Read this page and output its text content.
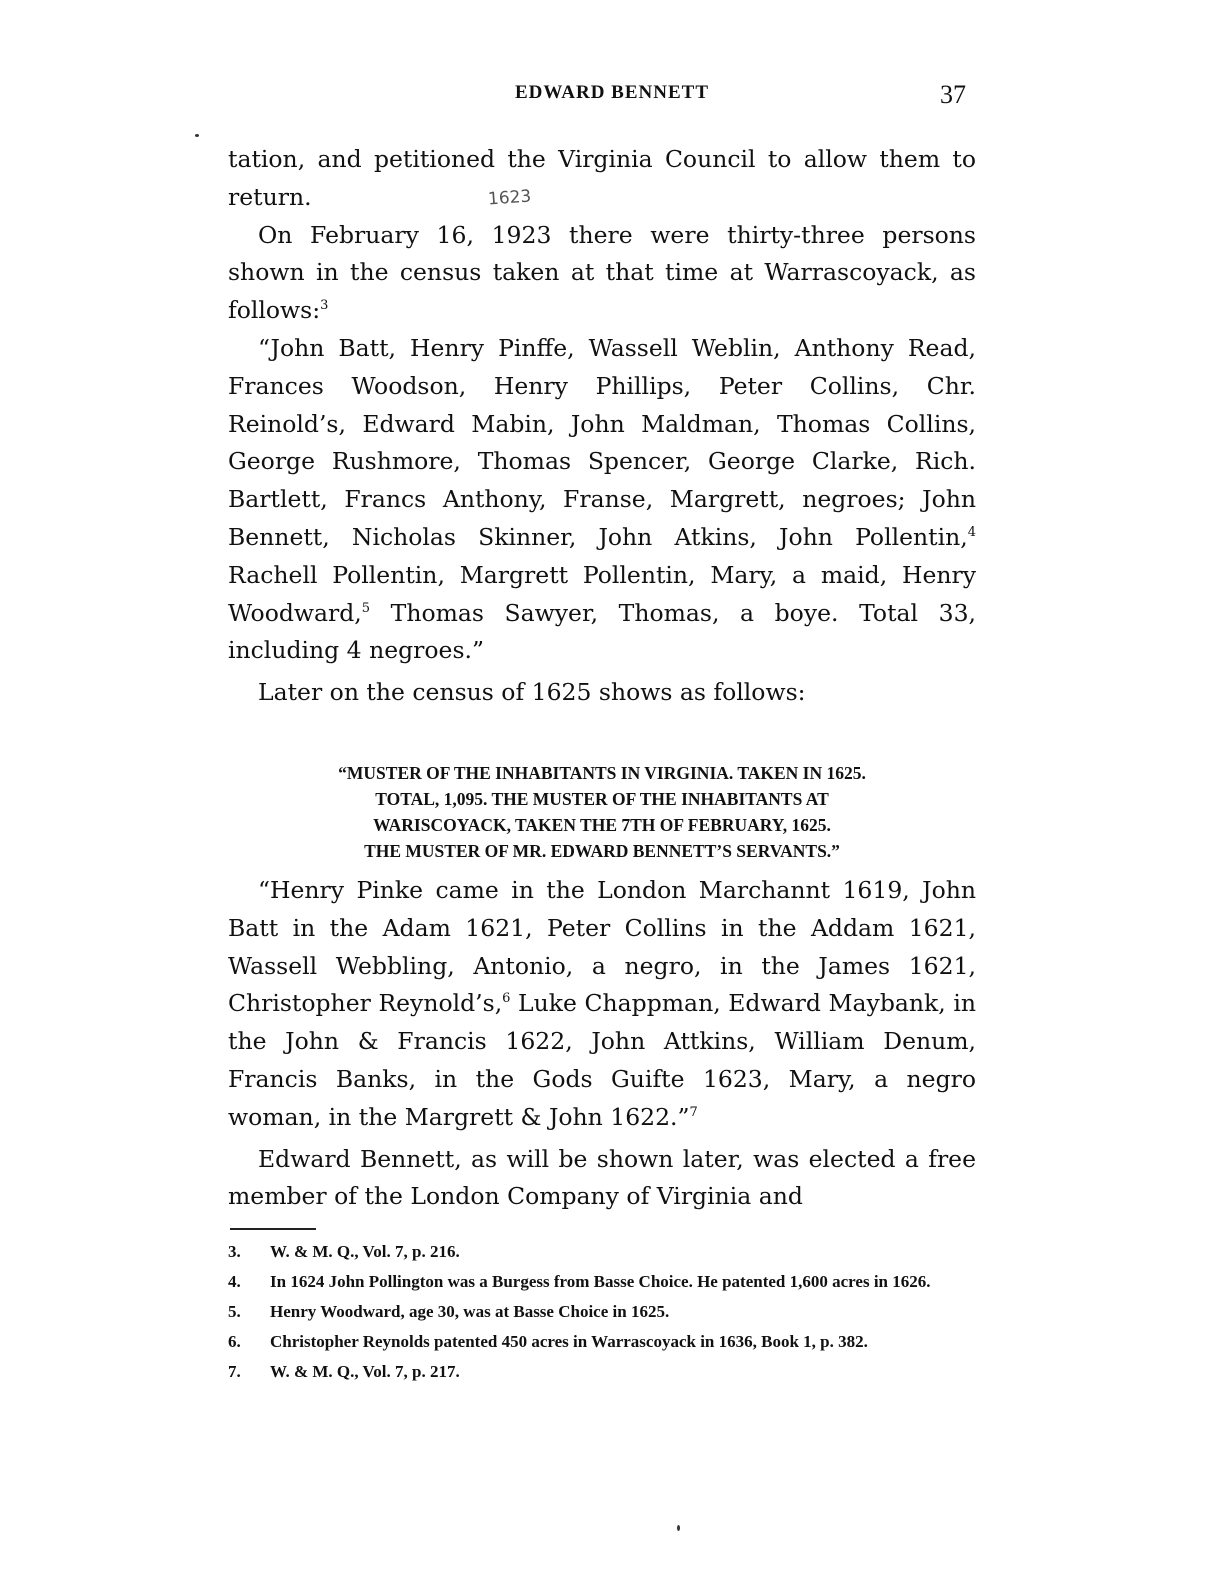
EDWARD BENNETT	37

tation, and petitioned the Virginia Council to allow them to return.

On February 16, 1923 there were thirty-three persons shown in the census taken at that time at Warrascoyack, as follows:$^3$

“John Batt, Henry Pinffe, Wassell Weblin, Anthony Read, Frances Woodson, Henry Phillips, Peter Collins, Chr. Reinold’s, Edward Mabin, John Maldman, Thomas Collins, George Rushmore, Thomas Spencer, George Clarke, Rich. Bartlett, Francs Anthony, Franse, Margrett, negroes; John Bennett, Nicholas Skinner, John Atkins, John Pollentin,$^4$ Rachell Pollentin, Margrett Pollentin, Mary, a maid, Henry Woodward,$^5$ Thomas Sawyer, Thomas, a boye. Total 33, including 4 negroes.”

Later on the census of 1625 shows as follows:

1623

“MUSTER OF THE INHABITANTS IN VIRGINIA. TAKEN IN 1625.

TOTAL, 1,095. THE MUSTER OF THE INHABITANTS AT

WARISCOYACK, TAKEN THE 7TH OF FEBRUARY, 1625.

THE MUSTER OF MR. EDWARD BENNETT’S SERVANTS.”

“Henry Pinke came in the London Marchannt 1619, John Batt in the Adam 1621, Peter Collins in the Addam 1621, Wassell Webbling, Antonio, a negro, in the James 1621, Christopher Reynold’s,$^6$ Luke Chappman, Edward Maybank, in the John & Francis 1622, John Attkins, William Denum, Francis Banks, in the Gods Guifte 1623, Mary, a negro woman, in the Margrett & John 1622.”$^7$

Edward Bennett, as will be shown later, was elected a free member of the London Company of Virginia and

3.	W. & M. Q., Vol. 7, p. 216.
4.	In 1624 John Pollington was a Burgess from Basse Choice. He patented 1,600 acres in 1626.
5.	Henry Woodward, age 30, was at Basse Choice in 1625.
6.	Christopher Reynolds patented 450 acres in Warrascoyack in 1636, Book 1, p. 382.
7.	W. & M. Q., Vol. 7, p. 217.
